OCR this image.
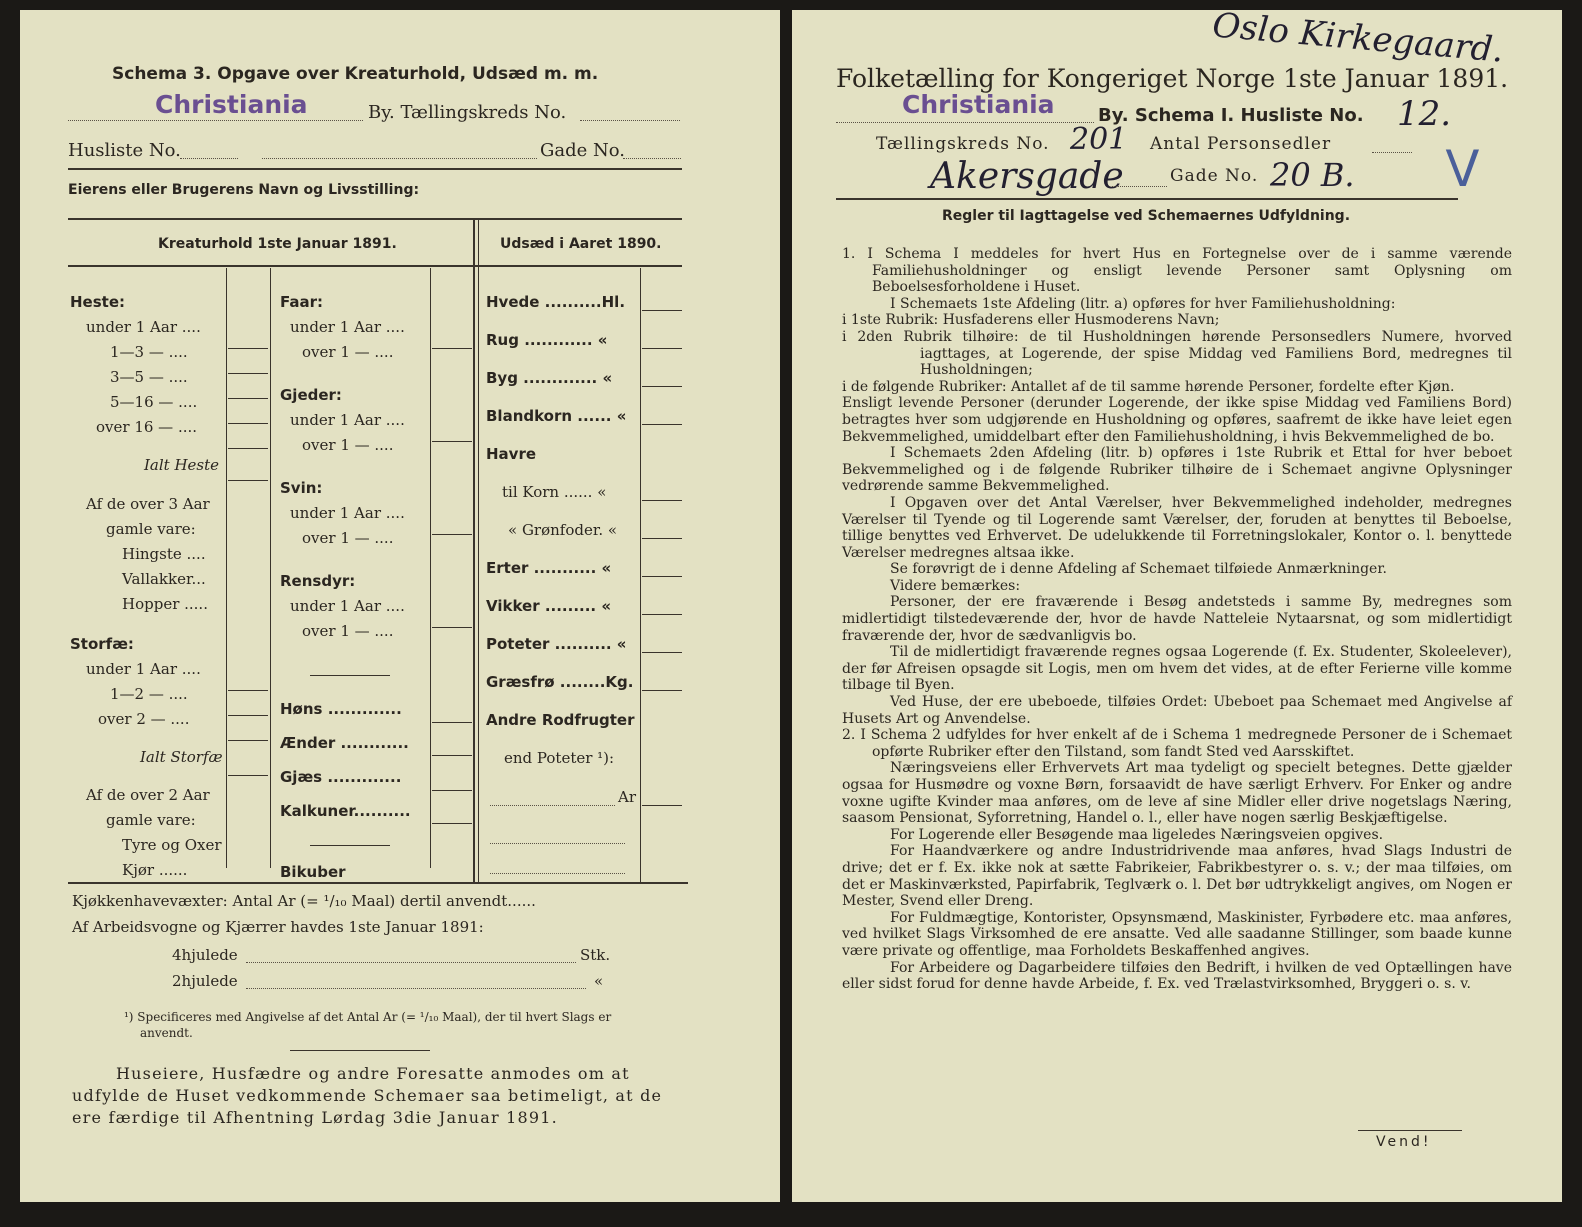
Schema 3. Opgave over Kreaturhold, Udsæd m. m.
Christiania	By. Tællingskreds No.
Husliste No.	Gade No.
Eierens eller Brugerens Navn og Livsstilling:
Kreaturhold 1ste Januar 1891.	Udsæd i Aaret 1890.
Heste:
under 1 Aar ....
1—3 — ....
3—5 — ....
5—16 — ....
over 16 — ....
Ialt Heste
Af de over 3 Aar
gamle vare:
Hingste ....
Vallakker...
Hopper .....
Storfæ:
under 1 Aar ....
1—2 — ....
over 2 — ....
Ialt Storfæ
Af de over 2 Aar
gamle vare:
Tyre og Oxer
Kjør ......
Faar:
under 1 Aar ....
over 1 — ....
Gjeder:
under 1 Aar ....
over 1 — ....
Svin:
under 1 Aar ....
over 1 — ....
Rensdyr:
under 1 Aar ....
over 1 — ....
Høns .............
Ænder ............
Gjæs .............
Kalkuner..........
Bikuber
Hvede ..........Hl.
Rug ............ «
Byg ............. «
Blandkorn ...... «
Havre
til Korn ...... «
« Grønfoder. «
Erter ........... «
Vikker ......... «
Poteter .......... «
Græsfrø ........Kg.
Andre Rodfrugter
end Poteter ¹):
Ar
Kjøkkenhavevæxter: Antal Ar (= ¹/₁₀ Maal) dertil anvendt......
Af Arbeidsvogne og Kjærrer havdes 1ste Januar 1891:
4hjulede	Stk.
2hjulede	«
¹) Specificeres med Angivelse af det Antal Ar (= ¹/₁₀ Maal), der til hvert Slags er
anvendt.
Huseiere, Husfædre og andre Foresatte anmodes om at
udfylde de Huset vedkommende Schemaer saa betimeligt, at de
ere færdige til Afhentning Lørdag 3die Januar 1891.
Oslo Kirkegaard.
Folketælling for Kongeriget Norge 1ste Januar 1891.
Christiania By. Schema I. Husliste No. 12.
Tællingskreds No. 201 Antal Personsedler
Akersgade	Gade No. 20 B. V
Regler til Iagttagelse ved Schemaernes Udfyldning.

1. I Schema I meddeles for hvert Hus en Fortegnelse over de i samme værende Familiehusholdninger og ensligt levende Personer samt Oplysning om Beboelsesforholdene i Huset.

I Schemaets 1ste Afdeling (litr. a) opføres for hver Familiehusholdning:

i 1ste Rubrik: Husfaderens eller Husmoderens Navn;

i 2den Rubrik tilhøire: de til Husholdningen hørende Personsedlers Numere, hvorved iagttages, at Logerende, der spise Middag ved Familiens Bord, medregnes til Husholdningen;

i de følgende Rubriker: Antallet af de til samme hørende Personer, fordelte efter Kjøn.

Ensligt levende Personer (derunder Logerende, der ikke spise Middag ved Familiens Bord) betragtes hver som udgjørende en Husholdning og opføres, saafremt de ikke have leiet egen Bekvemmelighed, umiddelbart efter den Familiehusholdning, i hvis Bekvemmelighed de bo.

I Schemaets 2den Afdeling (litr. b) opføres i 1ste Rubrik et Ettal for hver beboet Bekvemmelighed og i de følgende Rubriker tilhøire de i Schemaet angivne Oplysninger vedrørende samme Bekvemmelighed.

I Opgaven over det Antal Værelser, hver Bekvemmelighed indeholder, medregnes Værelser til Tyende og til Logerende samt Værelser, der, foruden at benyttes til Beboelse, tillige benyttes ved Erhvervet. De udelukkende til Forretningslokaler, Kontor o. l. benyttede Værelser medregnes altsaa ikke.

Se forøvrigt de i denne Afdeling af Schemaet tilføiede Anmærkninger.

Videre bemærkes:

Personer, der ere fraværende i Besøg andetsteds i samme By, medregnes som midlertidigt tilstedeværende der, hvor de havde Natteleie Nytaarsnat, og som midlertidigt fraværende der, hvor de sædvanligvis bo.

Til de midlertidigt fraværende regnes ogsaa Logerende (f. Ex. Studenter, Skoleelever), der før Afreisen opsagde sit Logis, men om hvem det vides, at de efter Ferierne ville komme tilbage til Byen.

Ved Huse, der ere ubeboede, tilføies Ordet: Ubeboet paa Schemaet med Angivelse af Husets Art og Anvendelse.

2. I Schema 2 udfyldes for hver enkelt af de i Schema 1 medregnede Personer de i Schemaet opførte Rubriker efter den Tilstand, som fandt Sted ved Aarsskiftet.

Næringsveiens eller Erhvervets Art maa tydeligt og specielt betegnes. Dette gjælder ogsaa for Husmødre og voxne Børn, forsaavidt de have særligt Erhverv. For Enker og andre voxne ugifte Kvinder maa anføres, om de leve af sine Midler eller drive nogetslags Næring, saasom Pensionat, Syforretning, Handel o. l., eller have nogen særlig Beskjæftigelse.

For Logerende eller Besøgende maa ligeledes Næringsveien opgives.

For Haandværkere og andre Industridrivende maa anføres, hvad Slags Industri de drive; det er f. Ex. ikke nok at sætte Fabrikeier, Fabrikbestyrer o. s. v.; der maa tilføies, om det er Maskinværksted, Papirfabrik, Teglværk o. l. Det bør udtrykkeligt angives, om Nogen er Mester, Svend eller Dreng.

For Fuldmægtige, Kontorister, Opsynsmænd, Maskinister, Fyrbødere etc. maa anføres, ved hvilket Slags Virksomhed de ere ansatte. Ved alle saadanne Stillinger, som baade kunne være private og offentlige, maa Forholdets Beskaffenhed angives.

For Arbeidere og Dagarbeidere tilføies den Bedrift, i hvilken de ved Optællingen have eller sidst forud for denne havde Arbeide, f. Ex. ved Trælastvirksomhed, Bryggeri o. s. v.

Vend!
